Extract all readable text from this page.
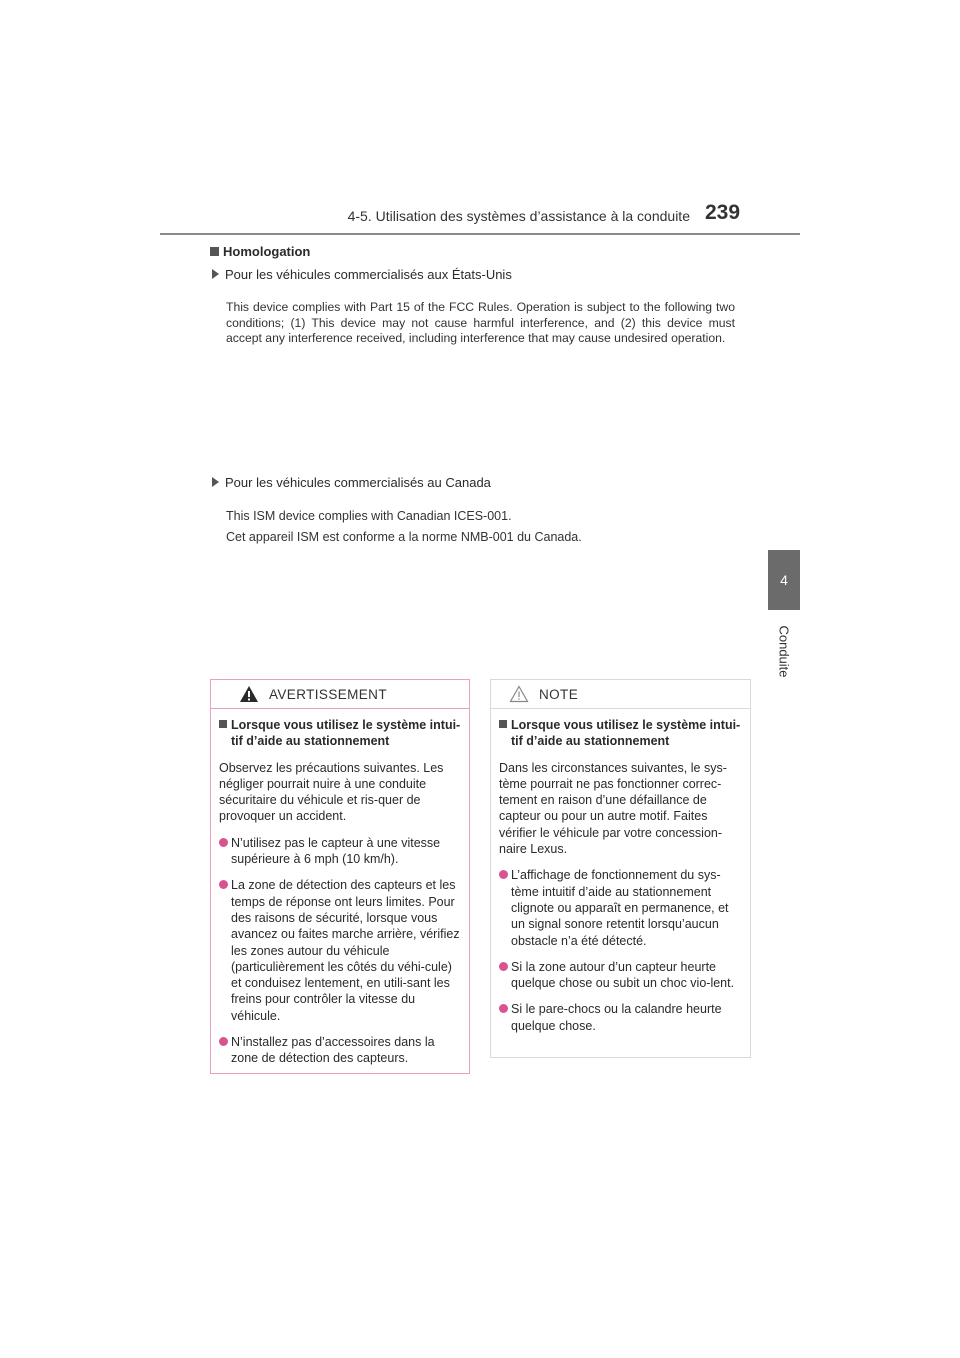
4-5. Utilisation des systèmes d’assistance à la conduite 239
4
Conduite
Homologation
Pour les véhicules commercialisés aux États-Unis
This device complies with Part 15 of the FCC Rules. Operation is subject to the following two conditions; (1) This device may not cause harmful interference, and (2) this device must accept any interference received, including interference that may cause undesired operation.
Pour les véhicules commercialisés au Canada
This ISM device complies with Canadian ICES-001.
Cet appareil ISM est conforme a la norme NMB-001 du Canada.
AVERTISSEMENT
Lorsque vous utilisez le système intui-tif d’aide au stationnement
Observez les précautions suivantes. Les négliger pourrait nuire à une conduite sécuritaire du véhicule et ris-quer de provoquer un accident.
N’utilisez pas le capteur à une vitesse supérieure à 6 mph (10 km/h).
La zone de détection des capteurs et les temps de réponse ont leurs limites. Pour des raisons de sécurité, lorsque vous avancez ou faites marche arrière, vérifiez les zones autour du véhicule (particulièrement les côtés du véhi-cule) et conduisez lentement, en utili-sant les freins pour contrôler la vitesse du véhicule.
N’installez pas d’accessoires dans la zone de détection des capteurs.
NOTE
Lorsque vous utilisez le système intui-tif d’aide au stationnement
Dans les circonstances suivantes, le sys-tème pourrait ne pas fonctionner correc-tement en raison d’une défaillance de capteur ou pour un autre motif. Faites vérifier le véhicule par votre concession-naire Lexus.
L’affichage de fonctionnement du sys-tème intuitif d’aide au stationnement clignote ou apparaît en permanence, et un signal sonore retentit lorsqu’aucun obstacle n’a été détecté.
Si la zone autour d’un capteur heurte quelque chose ou subit un choc vio-lent.
Si le pare-chocs ou la calandre heurte quelque chose.
